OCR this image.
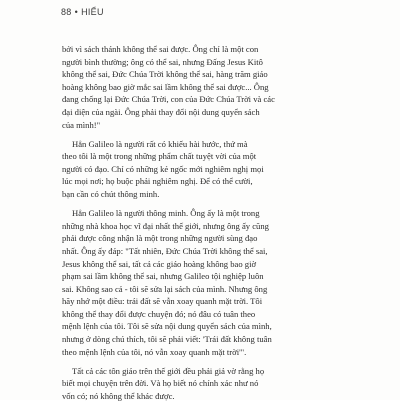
88 • HIỂU

bởi vì sách thánh không thể sai được. Ông chỉ là một con
người bình thường; ông có thể sai, nhưng Đấng Jesus Kitô
không thể sai, Đức Chúa Trời không thể sai, hàng trăm giáo
hoàng không bao giờ mắc sai lầm không thể sai được... Ông
đang chống lại Đức Chúa Trời, con của Đức Chúa Trời và các
đại diện của ngài. Ông phải thay đổi nội dung quyển sách
của mình!"

Hẳn Galileo là người rất có khiếu hài hước, thứ mà
theo tôi là một trong những phẩm chất tuyệt vời của một
người có đạo. Chỉ có những kẻ ngốc mới nghiêm nghị mọi
lúc mọi nơi; họ buộc phải nghiêm nghị. Để có thể cười,
bạn cần có chút thông minh.

Hẳn Galileo là người thông minh. Ông ấy là một trong
những nhà khoa học vĩ đại nhất thế giới, nhưng ông ấy cũng
phải được công nhận là một trong những người sùng đạo
nhất. Ông ấy đáp: "Tất nhiên, Đức Chúa Trời không thể sai,
Jesus không thể sai, tất cả các giáo hoàng không bao giờ
phạm sai lầm không thể sai, nhưng Galileo tội nghiệp luôn
sai. Không sao cả - tôi sẽ sửa lại sách của mình. Nhưng ông
hãy nhớ một điều: trái đất sẽ vẫn xoay quanh mặt trời. Tôi
không thể thay đổi được chuyện đó; nó đâu có tuân theo
mệnh lệnh của tôi. Tôi sẽ sửa nội dung quyển sách của mình,
nhưng ở dòng chú thích, tôi sẽ phải viết: 'Trái đất không tuân
theo mệnh lệnh của tôi, nó vẫn xoay quanh mặt trời'".

Tất cả các tôn giáo trên thế giới đều phải giả vờ rằng họ
biết mọi chuyện trên đời. Và họ biết nó chính xác như nó
vốn có; nó không thể khác được.
